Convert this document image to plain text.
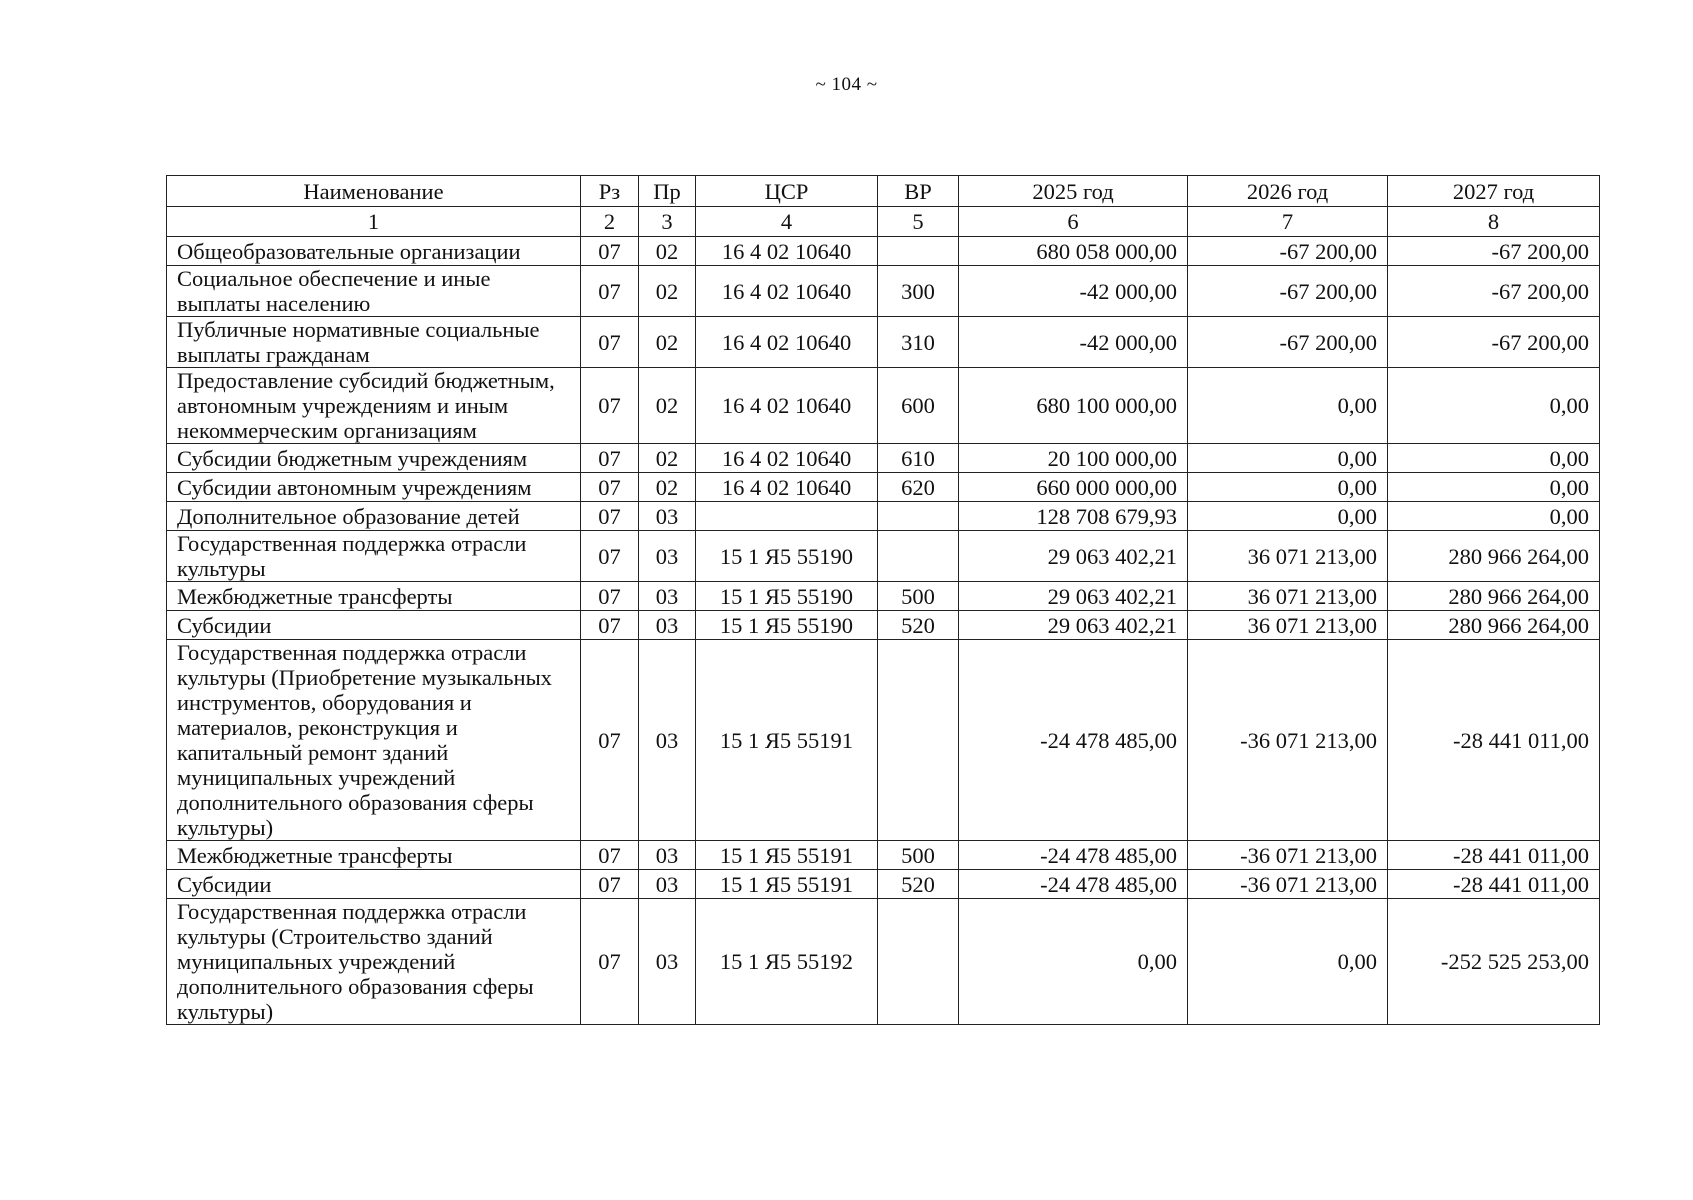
~ 104 ~
Наименование	Рз	Пр	ЦСР	ВР	2025 год	2026 год	2027 год
1	2	3	4	5	6	7	8
Общеобразовательные организации	07	02	16 4 02 10640		680 058 000,00	-67 200,00	-67 200,00
Социальное обеспечение и иные выплаты населению	07	02	16 4 02 10640	300	-42 000,00	-67 200,00	-67 200,00
Публичные нормативные социальные выплаты гражданам	07	02	16 4 02 10640	310	-42 000,00	-67 200,00	-67 200,00
Предоставление субсидий бюджетным, автономным учреждениям и иным некоммерческим организациям	07	02	16 4 02 10640	600	680 100 000,00	0,00	0,00
Субсидии бюджетным учреждениям	07	02	16 4 02 10640	610	20 100 000,00	0,00	0,00
Субсидии автономным учреждениям	07	02	16 4 02 10640	620	660 000 000,00	0,00	0,00
Дополнительное образование детей	07	03			128 708 679,93	0,00	0,00
Государственная поддержка отрасли культуры	07	03	15 1 Я5 55190		29 063 402,21	36 071 213,00	280 966 264,00
Межбюджетные трансферты	07	03	15 1 Я5 55190	500	29 063 402,21	36 071 213,00	280 966 264,00
Субсидии	07	03	15 1 Я5 55190	520	29 063 402,21	36 071 213,00	280 966 264,00
Государственная поддержка отрасли культуры (Приобретение музыкальных инструментов, оборудования и материалов, реконструкция и капитальный ремонт зданий муниципальных учреждений дополнительного образования сферы культуры)	07	03	15 1 Я5 55191		-24 478 485,00	-36 071 213,00	-28 441 011,00
Межбюджетные трансферты	07	03	15 1 Я5 55191	500	-24 478 485,00	-36 071 213,00	-28 441 011,00
Субсидии	07	03	15 1 Я5 55191	520	-24 478 485,00	-36 071 213,00	-28 441 011,00
Государственная поддержка отрасли культуры (Строительство зданий муниципальных учреждений дополнительного образования сферы культуры)	07	03	15 1 Я5 55192		0,00	0,00	-252 525 253,00
